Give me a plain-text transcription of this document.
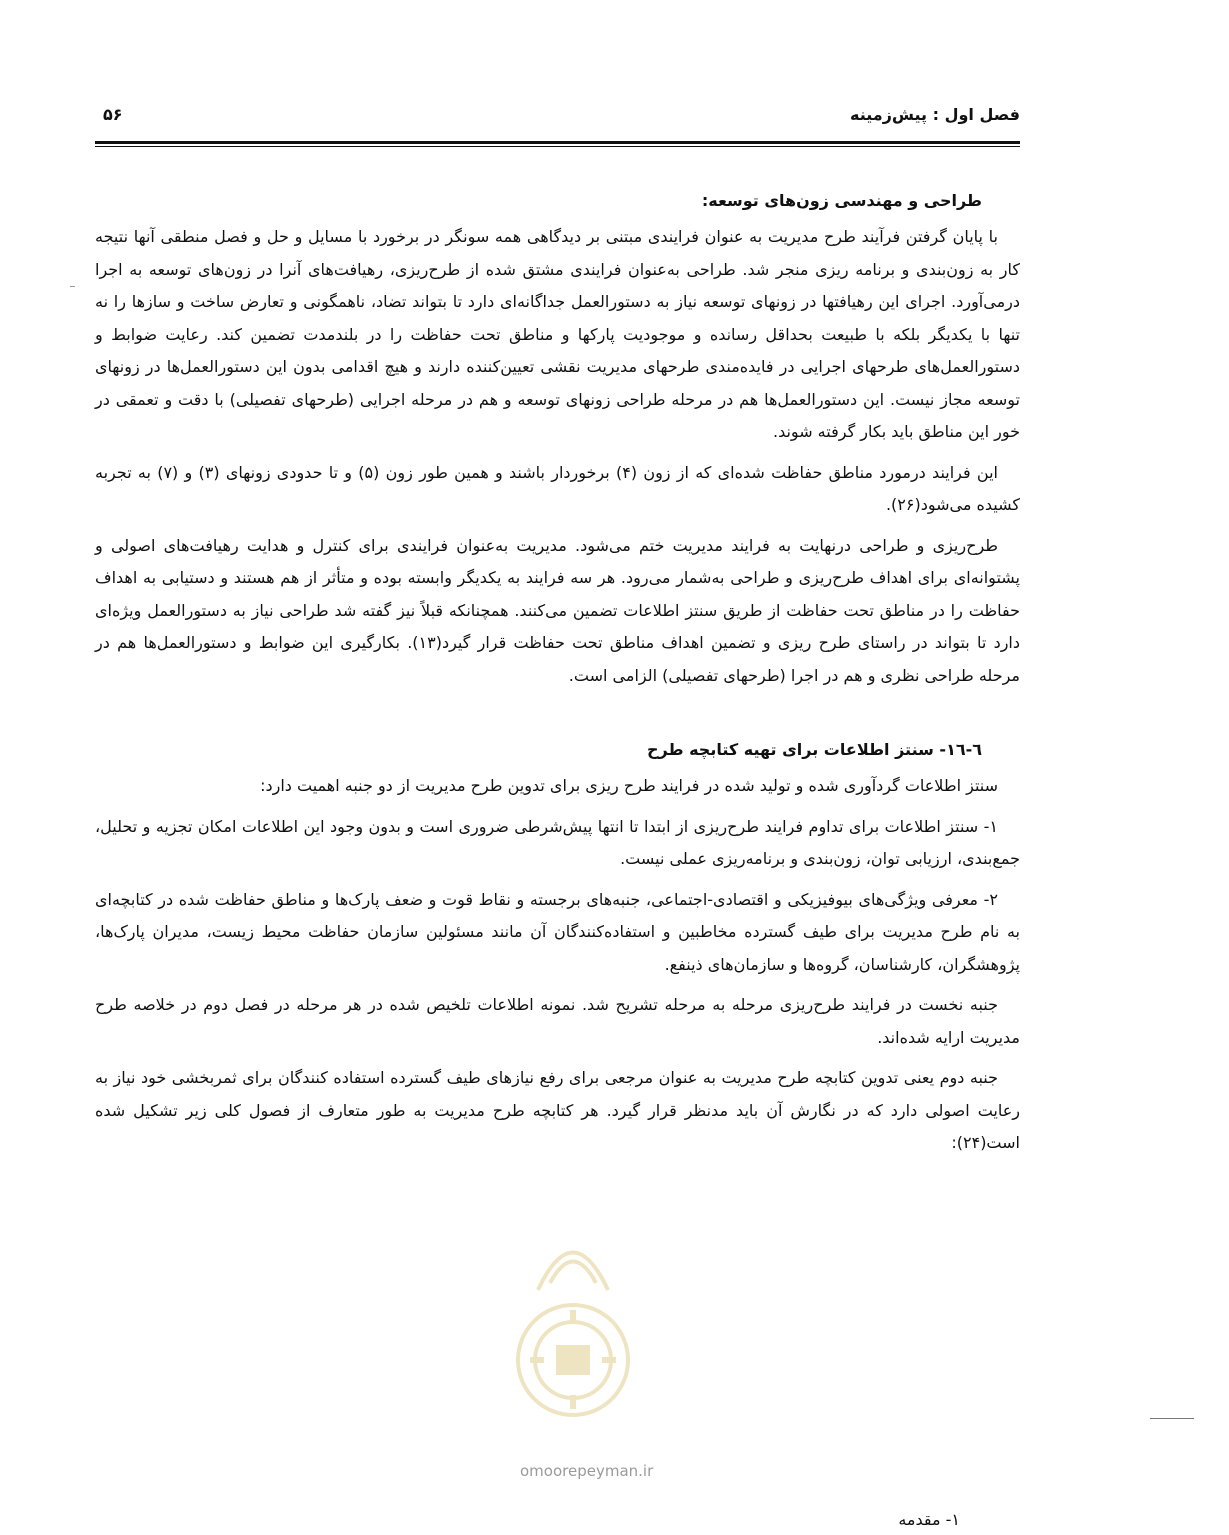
فصل اول : پیش‌زمینه
۵۶
طراحی و مهندسی زون‌های توسعه:

با پایان گرفتن فرآیند طرح مدیریت به عنوان فرایندی مبتنی بر دیدگاهی همه سونگر در برخورد با مسایل و حل و فصل منطقی آنها نتیجه کار به زون‌بندی و برنامه ریزی منجر شد. طراحی به‌عنوان فرایندی مشتق شده از طرح‌ریزی، رهیافت‌های آنرا در زون‌های توسعه به اجرا درمی‌آورد. اجرای این رهیافتها در زونهای توسعه نیاز به دستورالعمل جداگانه‌ای دارد تا بتواند تضاد، ناهمگونی و تعارض ساخت و سازها را نه تنها با یکدیگر بلکه با طبیعت بحداقل رسانده و موجودیت پارکها و مناطق تحت حفاظت را در بلندمدت تضمین کند. رعایت ضوابط و دستورالعمل‌های طرحهای اجرایی در فایده‌مندی طرحهای مدیریت نقشی تعیین‌کننده دارند و هیچ اقدامی بدون این دستورالعمل‌ها در زونهای توسعه مجاز نیست. این دستورالعمل‌ها هم در مرحله طراحی زونهای توسعه و هم در مرحله اجرایی (طرحهای تفصیلی) با دقت و تعمقی در خور این مناطق باید بکار گرفته شوند.

این فرایند درمورد مناطق حفاظت شده‌ای که از زون (۴) برخوردار باشند و همین طور زون (۵) و تا حدودی زونهای (۳) و (۷) به تجربه کشیده می‌شود(۲۶).

طرح‌ریزی و طراحی درنهایت به فرایند مدیریت ختم می‌شود. مدیریت به‌عنوان فرایندی برای کنترل و هدایت رهیافت‌های اصولی و پشتوانه‌ای برای اهداف طرح‌ریزی و طراحی به‌شمار می‌رود. هر سه فرایند به یکدیگر وابسته بوده و متأثر از هم هستند و دستیابی به اهداف حفاظت را در مناطق تحت حفاظت از طریق سنتز اطلاعات تضمین می‌کنند. همچنانکه قبلاً نیز گفته شد طراحی نیاز به دستورالعمل ویژه‌ای دارد تا بتواند در راستای طرح ریزی و تضمین اهداف مناطق تحت حفاظت قرار گیرد(۱۳). بکارگیری این ضوابط و دستورالعمل‌ها هم در مرحله طراحی نظری و هم در اجرا (طرحهای تفصیلی) الزامی است.

٦-١٦- سنتز اطلاعات برای تهیه کتابچه طرح

سنتز اطلاعات گردآوری شده و تولید شده در فرایند طرح ریزی برای تدوین طرح مدیریت از دو جنبه اهمیت دارد:

۱- سنتز اطلاعات برای تداوم فرایند طرح‌ریزی از ابتدا تا انتها پیش‌شرطی ضروری است و بدون وجود این اطلاعات امکان تجزیه و تحلیل، جمع‌بندی، ارزیابی توان، زون‌بندی و برنامه‌ریزی عملی نیست.

۲- معرفی ویژگی‌های بیوفیزیکی و اقتصادی-اجتماعی، جنبه‌های برجسته و نقاط قوت و ضعف پارک‌ها و مناطق حفاظت شده در کتابچه‌ای به نام طرح مدیریت برای طیف گسترده مخاطبین و استفاده‌کنندگان آن مانند مسئولین سازمان حفاظت محیط زیست، مدیران پارک‌ها، پژوهشگران، کارشناسان، گروه‌ها و سازمان‌های ذینفع.

جنبه نخست در فرایند طرح‌ریزی مرحله به مرحله تشریح شد. نمونه اطلاعات تلخیص شده در هر مرحله در فصل دوم در خلاصه طرح مدیریت ارایه شده‌اند.

جنبه دوم یعنی تدوین کتابچه طرح مدیریت به عنوان مرجعی برای رفع نیازهای طیف گسترده استفاده کنندگان برای ثمربخشی خود نیاز به رعایت اصولی دارد که در نگارش آن باید مدنظر قرار گیرد. هر کتابچه طرح مدیریت به طور متعارف از فصول کلی زیر تشکیل شده است(۲۴):

۱- مقدمه
omoorepeyman.ir
